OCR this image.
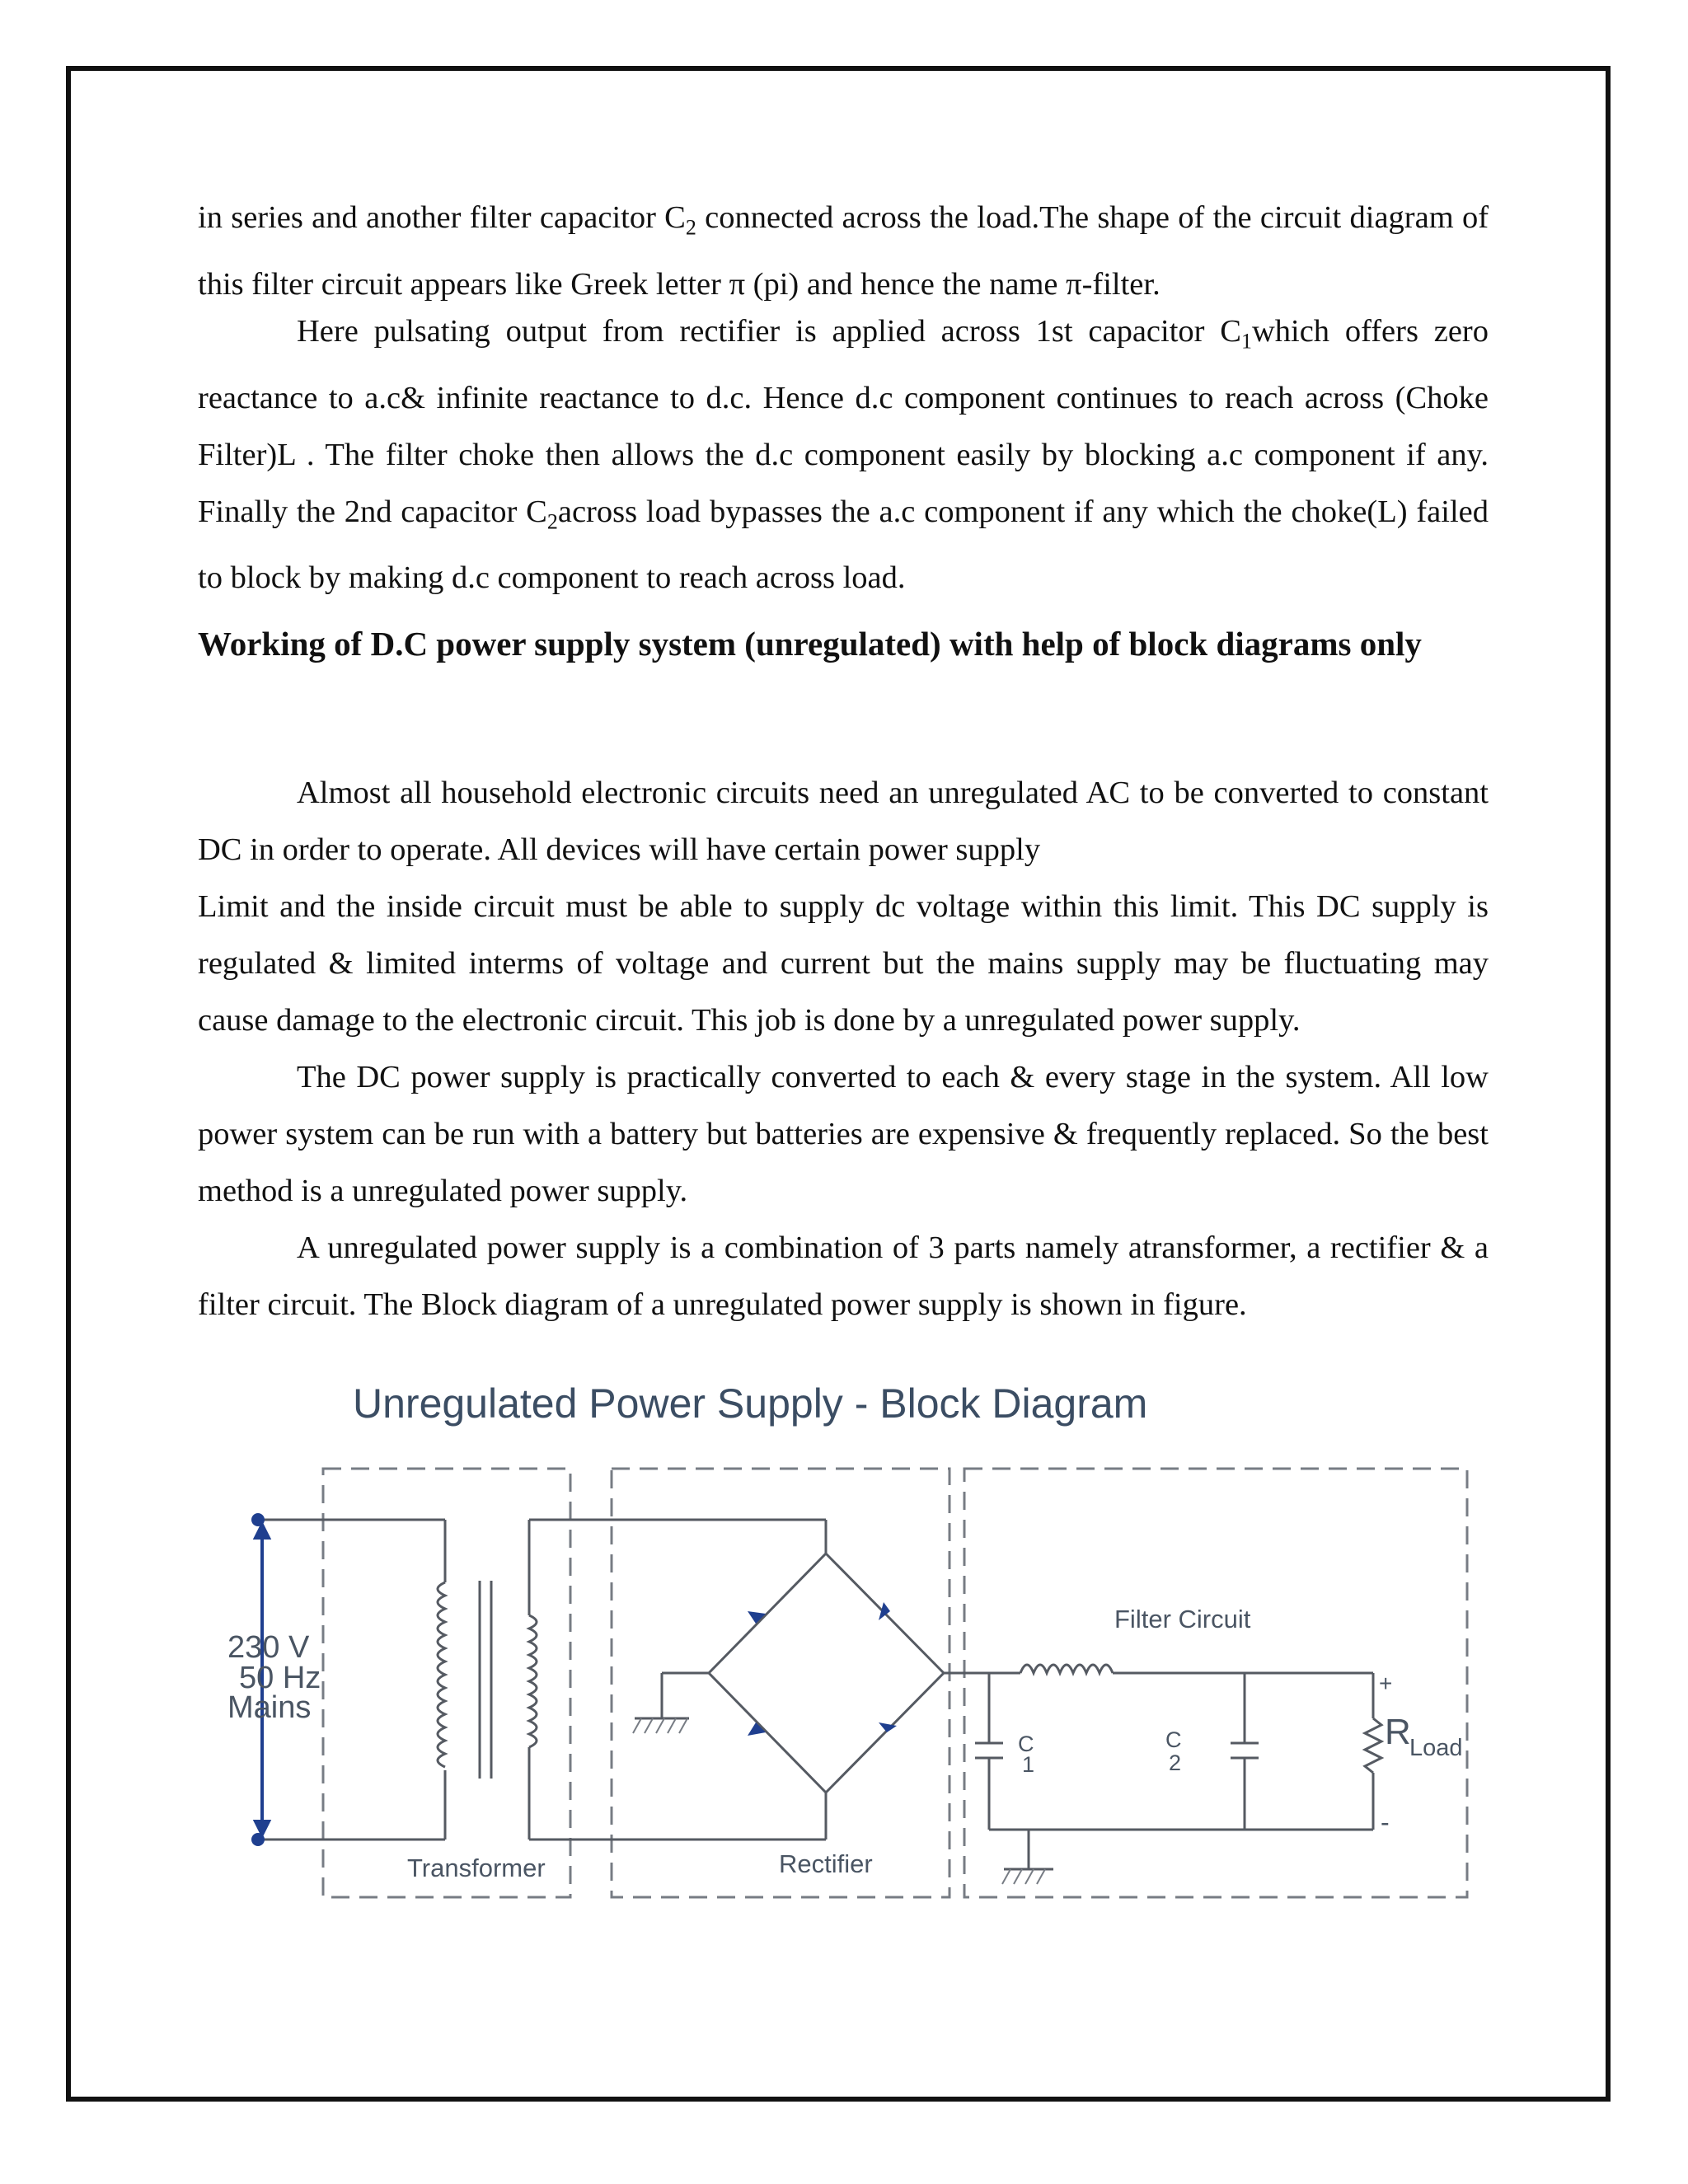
in series and another filter capacitor $C_2$ connected across the load.The shape of the circuit diagram of this filter circuit appears like Greek letter π (pi) and hence the name π-filter.

Here pulsating output from rectifier is applied across 1st capacitor $C_1which$ offers zero reactance to a.c& infinite reactance to d.c. Hence d.c component continues to reach across (Choke Filter)L . The filter choke then allows the d.c component easily by blocking a.c component if any. Finally the 2nd capacitor $C_2across$ load bypasses the a.c component if any which the choke(L) failed to block by making d.c component to reach across load.

Working of D.C power supply system (unregulated) with help of block diagrams only

Almost all household electronic circuits need an unregulated AC to be converted to constant DC in order to operate. All devices will have certain power supply

Limit and the inside circuit must be able to supply dc voltage within this limit. This DC supply is regulated & limited interms of voltage and current but the mains supply may be fluctuating may cause damage to the electronic circuit. This job is done by a unregulated power supply.

The DC power supply is practically converted to each & every stage in the system. All low power system can be run with a battery but batteries are expensive & frequently replaced. So the best method is a unregulated power supply.

A unregulated power supply is a combination of 3 parts namely atransformer, a rectifier & a filter circuit. The Block diagram of a unregulated power supply is shown in figure.

Unregulated Power Supply - Block Diagram
230 V
50 Hz
Mains
Transformer	Rectifier
Filter Circuit
C
1
C
2
R
Load
+
-
